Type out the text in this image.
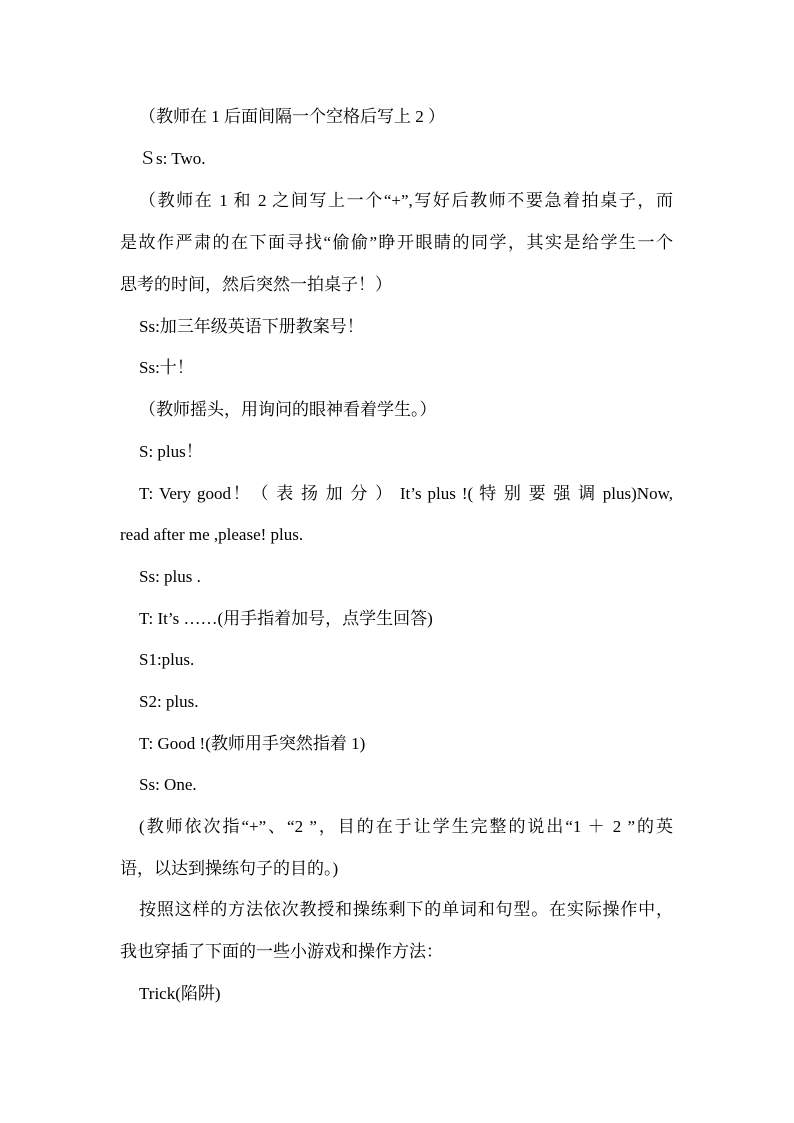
（教师在 1 后面间隔一个空格后写上 2 ）
Ｓs: Two.
（教师在 1 和 2 之间写上一个“+”,写好后教师不要急着拍桌子，而
是故作严肃的在下面寻找“偷偷”睁开眼睛的同学，其实是给学生一个
思考的时间，然后突然一拍桌子！）
Ss:加三年级英语下册教案号！
Ss:十！
（教师摇头，用询问的眼神看着学生。）
S: plus！
T: Very good！（ 表 扬 加 分 ） It’s plus !( 特 别 要 强 调 plus)Now,
read after me ,please! plus.
Ss: plus .
T: It’s ……(用手指着加号，点学生回答)
S1:plus.
S2: plus.
T: Good !(教师用手突然指着 1)
Ss: One.
(教师依次指“+”、“2 ”，目的在于让学生完整的说出“1 ＋ 2 ”的英
语，以达到操练句子的目的。)
按照这样的方法依次教授和操练剩下的单词和句型。在实际操作中，
我也穿插了下面的一些小游戏和操作方法：
Trick(陷阱)
